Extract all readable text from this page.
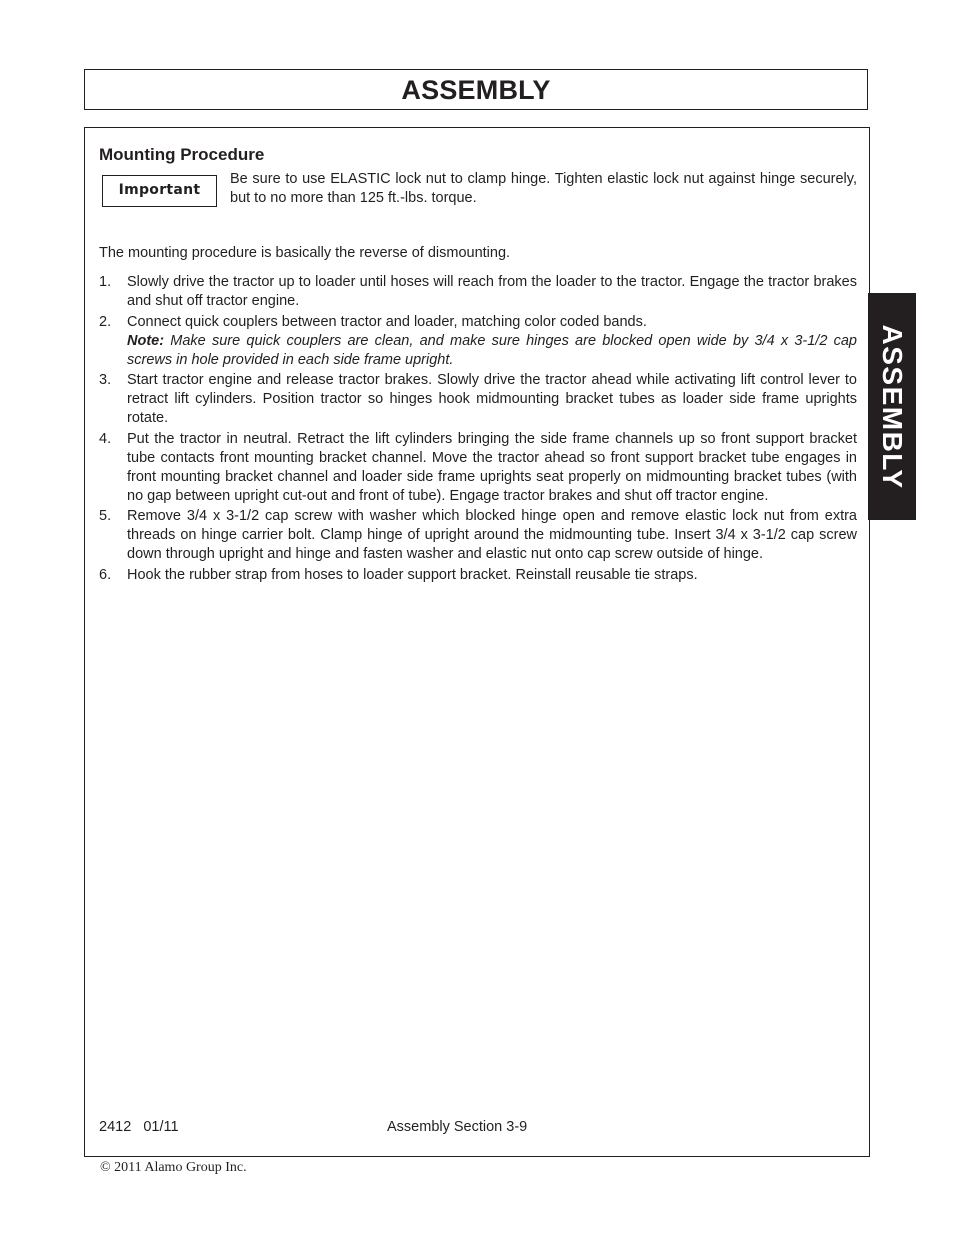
ASSEMBLY
ASSEMBLY
Mounting Procedure
Important
Be sure to use ELASTIC lock nut to clamp hinge. Tighten elastic lock nut against hinge securely, but to no more than 125 ft.-lbs. torque.
The mounting procedure is basically the reverse of dismounting.
1.	Slowly drive the tractor up to loader until hoses will reach from the loader to the tractor. Engage the tractor brakes and shut off tractor engine.
2.	Connect quick couplers between tractor and loader, matching color coded bands.
Note: Make sure quick couplers are clean, and make sure hinges are blocked open wide by 3/4 x 3-1/2 cap screws in hole provided in each side frame upright.
3.	Start tractor engine and release tractor brakes. Slowly drive the tractor ahead while activating lift control lever to retract lift cylinders. Position tractor so hinges hook midmounting bracket tubes as loader side frame uprights rotate.
4.	Put the tractor in neutral. Retract the lift cylinders bringing the side frame channels up so front support bracket tube contacts front mounting bracket channel. Move the tractor ahead so front support bracket tube engages in front mounting bracket channel and loader side frame uprights seat properly on midmounting bracket tubes (with no gap between upright cut-out and front of tube). Engage tractor brakes and shut off tractor engine.
5.	Remove 3/4 x 3-1/2 cap screw with washer which blocked hinge open and remove elastic lock nut from extra threads on hinge carrier bolt. Clamp hinge of upright around the midmounting tube. Insert 3/4 x 3-1/2 cap screw down through upright and hinge and fasten washer and elastic nut onto cap screw outside of hinge.
6.	Hook the rubber strap from hoses to loader support bracket. Reinstall reusable tie straps.
2412   01/11	Assembly Section 3-9
© 2011 Alamo Group Inc.
